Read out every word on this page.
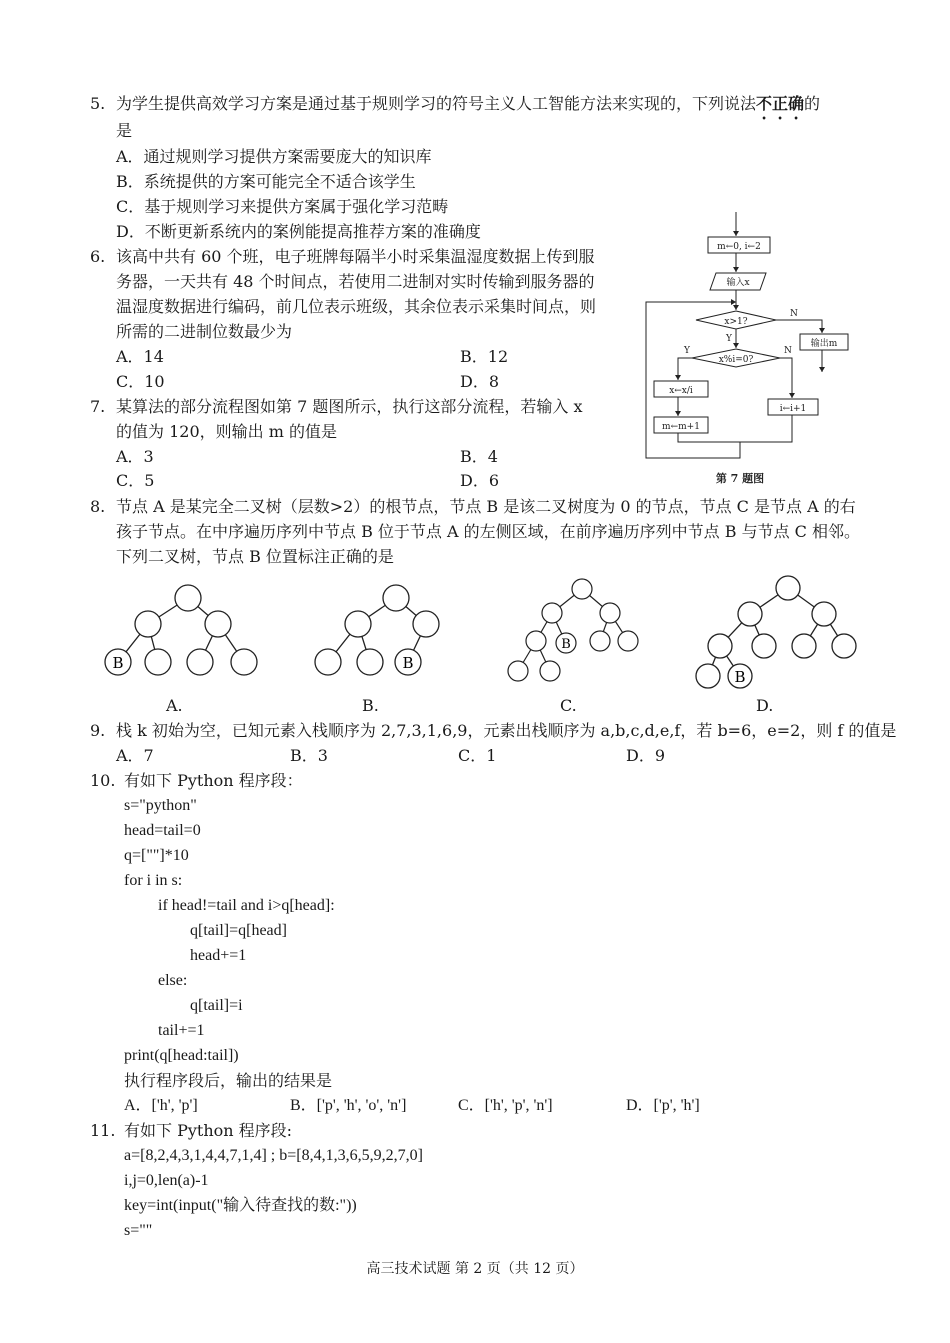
5. 为学生提供高效学习方案是通过基于规则学习的符号主义人工智能方法来实现的，下列说法不正确的
是
A．通过规则学习提供方案需要庞大的知识库
B．系统提供的方案可能完全不适合该学生
C．基于规则学习来提供方案属于强化学习范畴
D．不断更新系统内的案例能提高推荐方案的准确度
6. 该高中共有 60 个班，电子班牌每隔半小时采集温湿度数据上传到服
务器，一天共有 48 个时间点，若使用二进制对实时传输到服务器的
温湿度数据进行编码，前几位表示班级，其余位表示采集时间点，则
所需的二进制位数最少为
A．14	B．12
C．10	D．8
7. 某算法的部分流程图如第 7 题图所示，执行这部分流程，若输入 x
的值为 120，则输出 m 的值是
A．3	B．4
C．5	D．6
m←0, i←2
输入x
x>1?
N
Y	输出m
x%i=0?
Y	N
x←x/i
m←m+1
i←i+1
第 7 题图
8. 节点 A 是某完全二叉树（层数>2）的根节点，节点 B 是该二叉树度为 0 的节点，节点 C 是节点 A 的右
孩子节点。在中序遍历序列中节点 B 位于节点 A 的左侧区域，在前序遍历序列中节点 B 与节点 C 相邻。
下列二叉树，节点 B 位置标注正确的是
B	B
B
B
A.	B.	C.	D.
9. 栈 k 初始为空，已知元素入栈顺序为 2,7,3,1,6,9，元素出栈顺序为 a,b,c,d,e,f，若 b=6，e=2，则 f 的值是
A．7	B．3	C．1	D．9
10. 有如下 Python 程序段：
s="python"
head=tail=0
q=[""]*10
for i in s:
if head!=tail and i>q[head]:
q[tail]=q[head]
head+=1
else:
q[tail]=i
tail+=1
print(q[head:tail])
执行程序段后，输出的结果是
A．['h', 'p']	B．['p', 'h', 'o', 'n']	C．['h', 'p', 'n']	D．['p', 'h']
11. 有如下 Python 程序段:
a=[8,2,4,3,1,4,4,7,1,4] ; b=[8,4,1,3,6,5,9,2,7,0]
i,j=0,len(a)-1
key=int(input("输入待查找的数:"))
s=""
高三技术试题 第 2 页（共 12 页）
